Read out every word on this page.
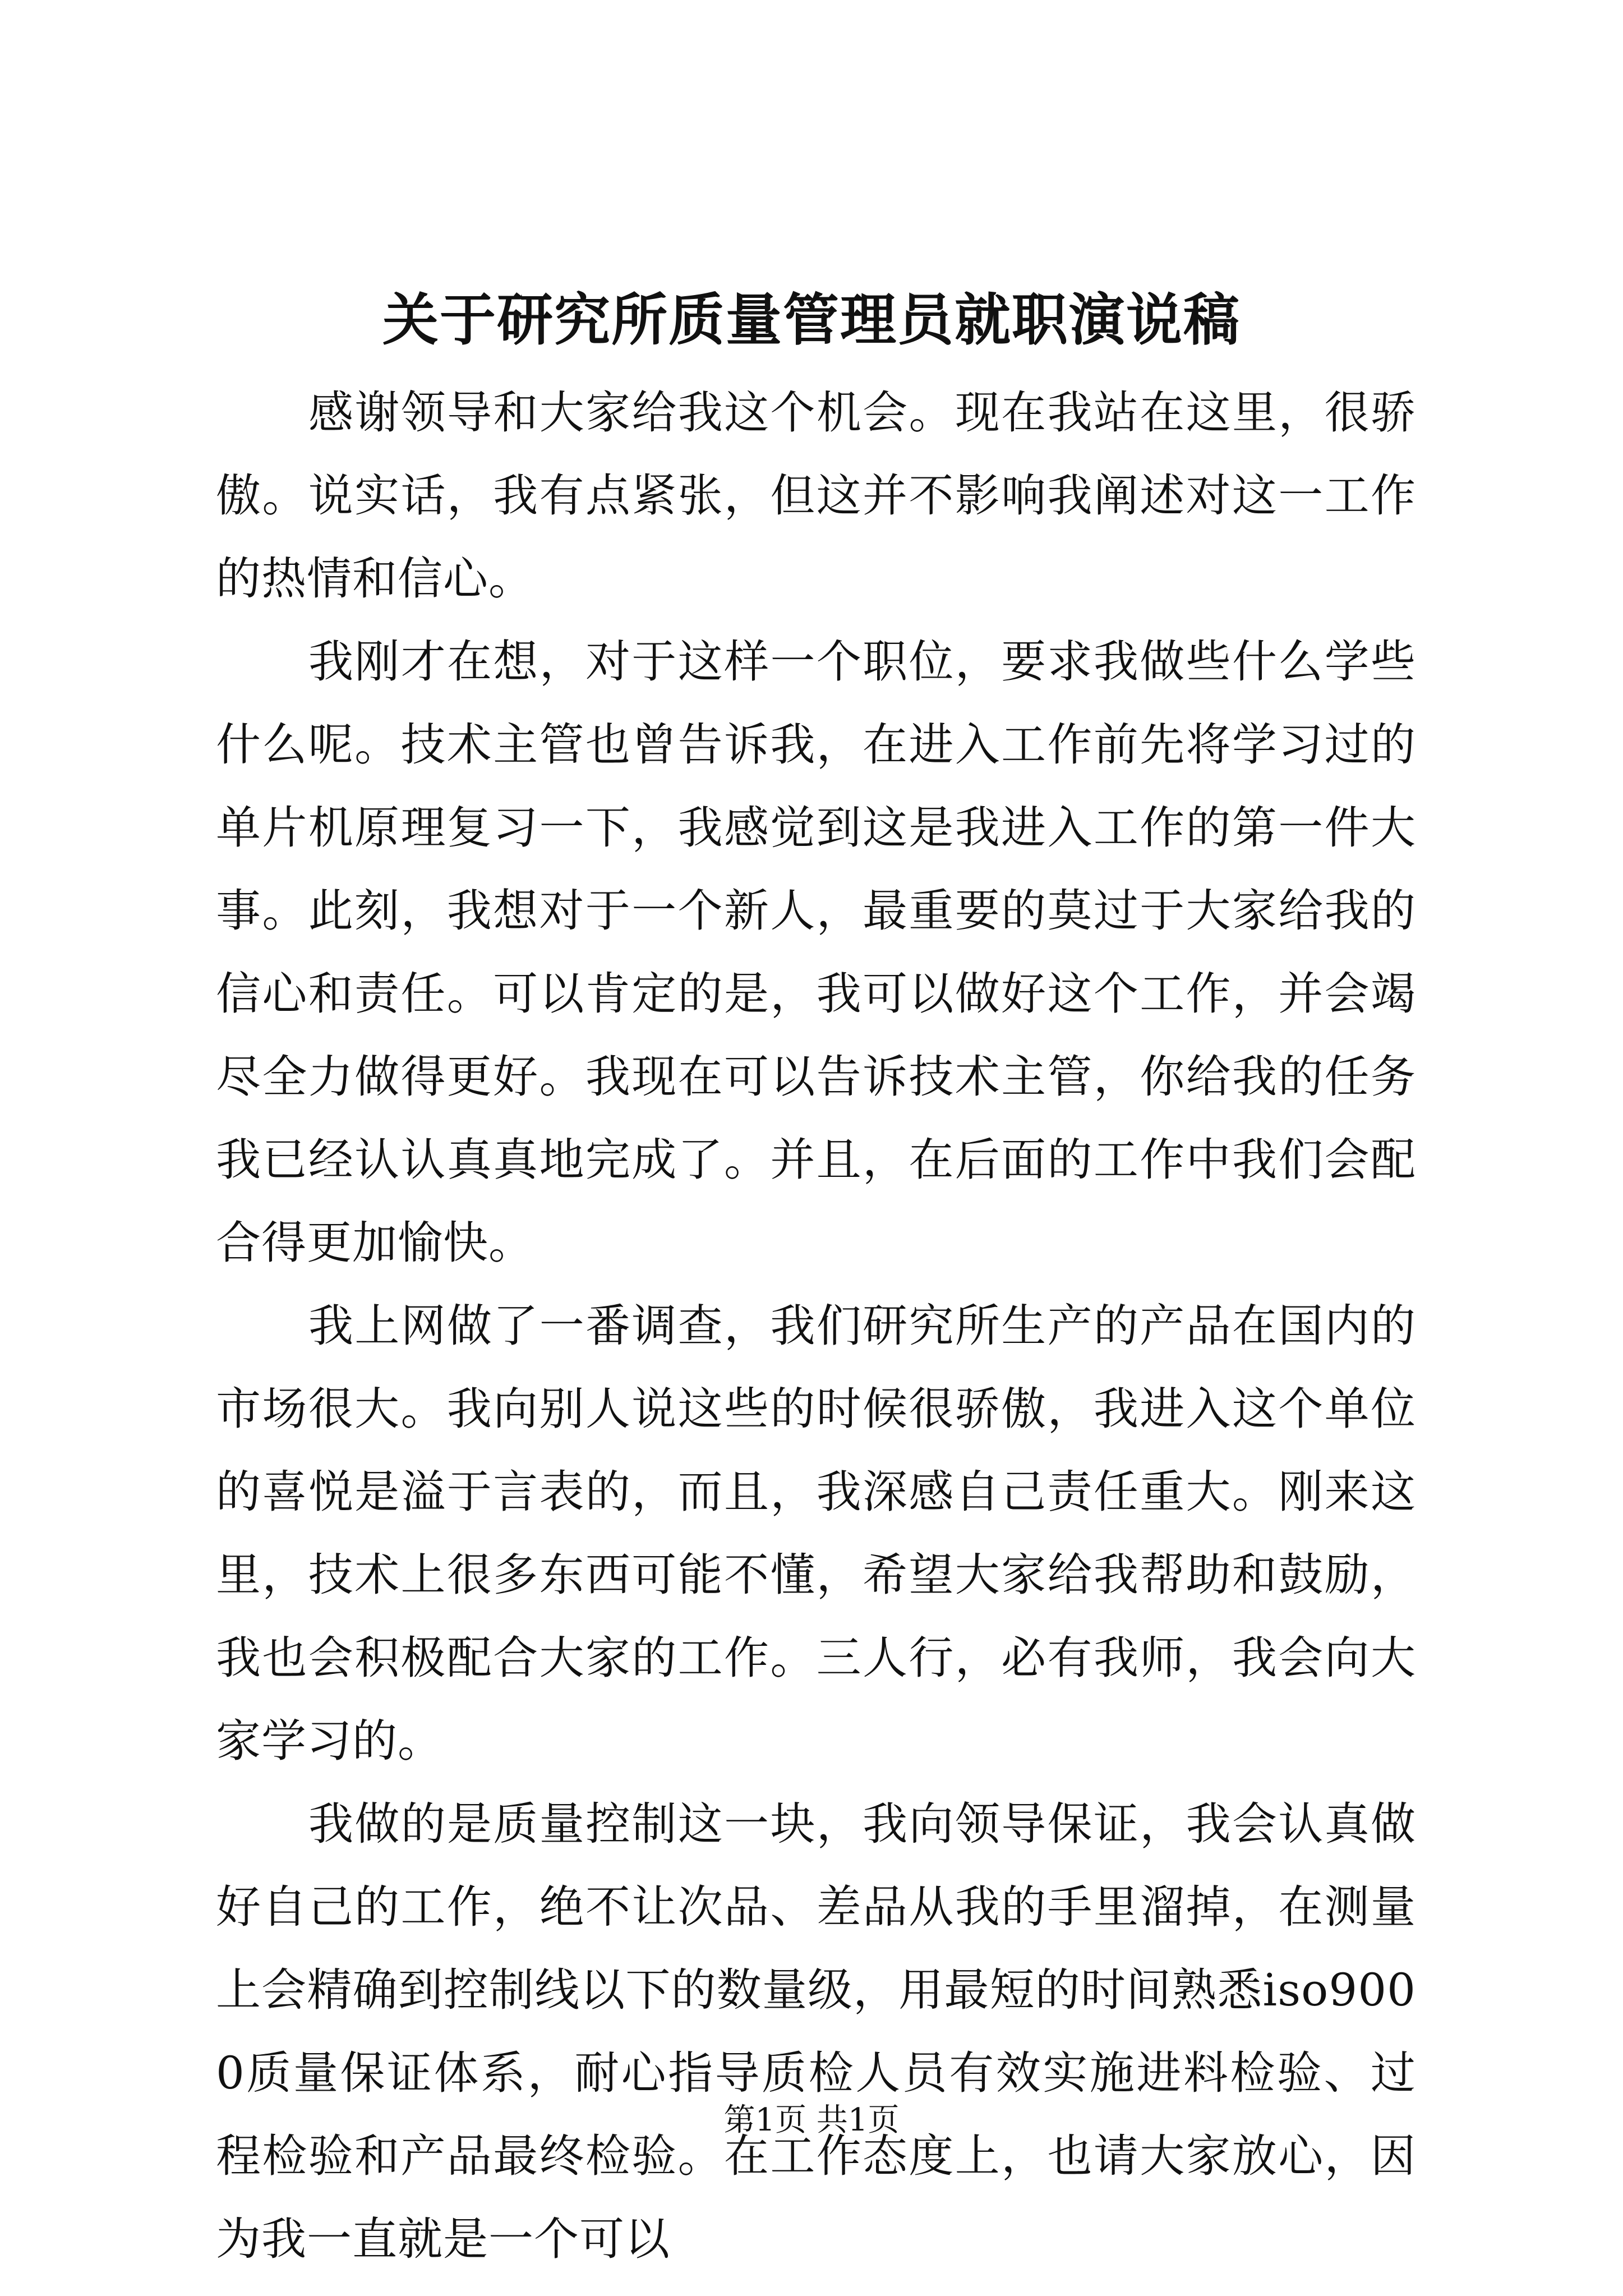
关于研究所质量管理员就职演说稿

感谢领导和大家给我这个机会。现在我站在这里，很骄傲。说实话，我有点紧张，但这并不影响我阐述对这一工作的热情和信心。

我刚才在想，对于这样一个职位，要求我做些什么学些什么呢。技术主管也曾告诉我，在进入工作前先将学习过的单片机原理复习一下，我感觉到这是我进入工作的第一件大事。此刻，我想对于一个新人，最重要的莫过于大家给我的信心和责任。可以肯定的是，我可以做好这个工作，并会竭尽全力做得更好。我现在可以告诉技术主管，你给我的任务我已经认认真真地完成了。并且，在后面的工作中我们会配合得更加愉快。

我上网做了一番调查，我们研究所生产的产品在国内的市场很大。我向别人说这些的时候很骄傲，我进入这个单位的喜悦是溢于言表的，而且，我深感自己责任重大。刚来这里，技术上很多东西可能不懂，希望大家给我帮助和鼓励，我也会积极配合大家的工作。三人行，必有我师，我会向大家学习的。

我做的是质量控制这一块，我向领导保证，我会认真做好自己的工作，绝不让次品、差品从我的手里溜掉，在测量上会精确到控制线以下的数量级，用最短的时间熟悉iso9000质量保证体系，耐心指导质检人员有效实施进料检验、过程检验和产品最终检验。在工作态度上，也请大家放心，因为我一直就是一个可以

第1页 共1页
